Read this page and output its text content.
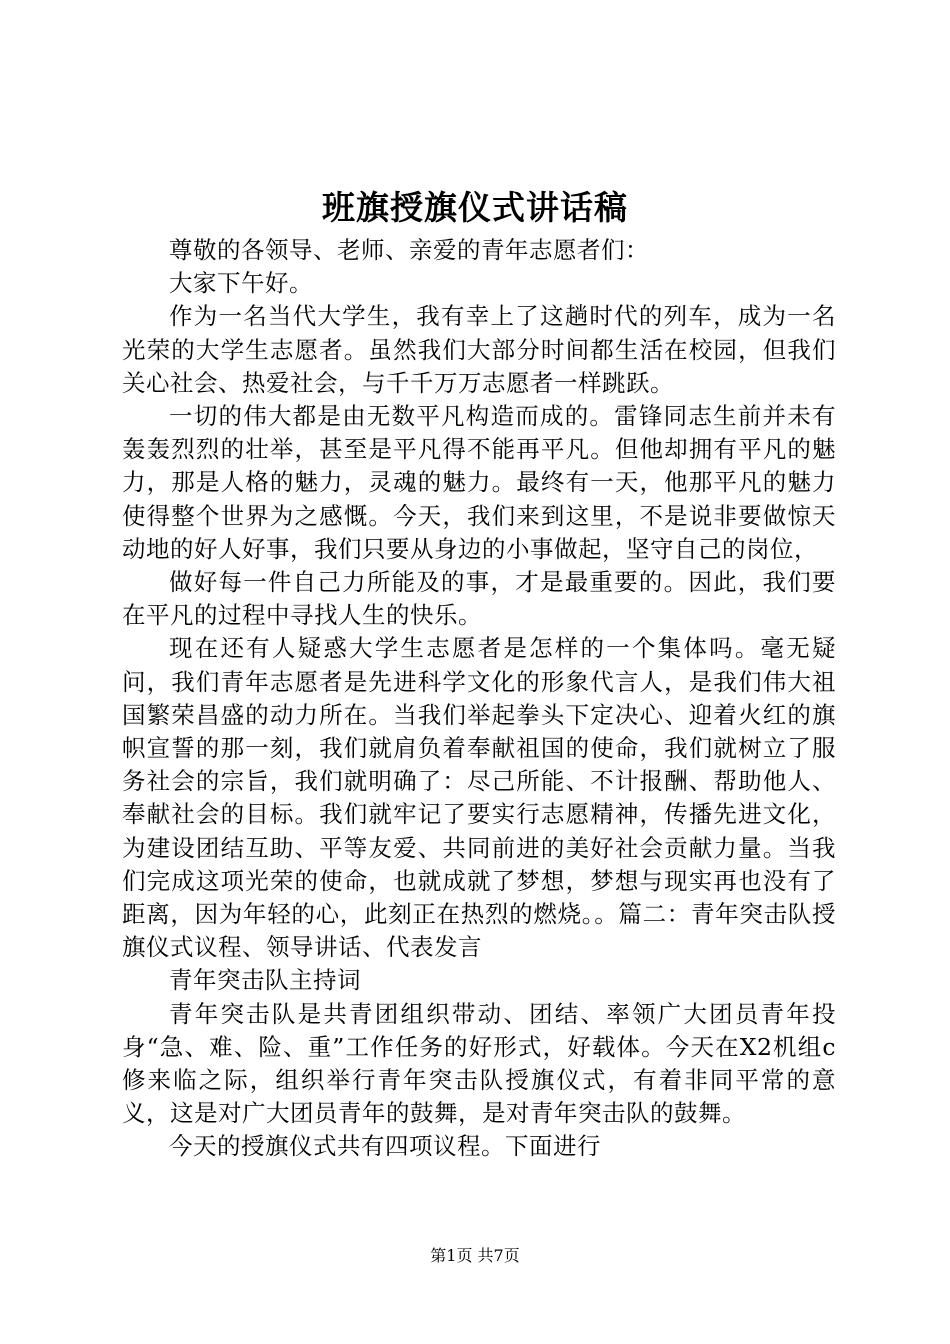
班旗授旗仪式讲话稿

尊敬的各领导、老师、亲爱的青年志愿者们：

大家下午好。

作为一名当代大学生，我有幸上了这趟时代的列车，成为一名光荣的大学生志愿者。虽然我们大部分时间都生活在校园，但我们关心社会、热爱社会，与千千万万志愿者一样跳跃。

一切的伟大都是由无数平凡构造而成的。雷锋同志生前并未有轰轰烈烈的壮举，甚至是平凡得不能再平凡。但他却拥有平凡的魅力，那是人格的魅力，灵魂的魅力。最终有一天，他那平凡的魅力使得整个世界为之感慨。今天，我们来到这里，不是说非要做惊天动地的好人好事，我们只要从身边的小事做起，坚守自己的岗位，

做好每一件自己力所能及的事，才是最重要的。因此，我们要在平凡的过程中寻找人生的快乐。

现在还有人疑惑大学生志愿者是怎样的一个集体吗。毫无疑问，我们青年志愿者是先进科学文化的形象代言人，是我们伟大祖国繁荣昌盛的动力所在。当我们举起拳头下定决心、迎着火红的旗帜宣誓的那一刻，我们就肩负着奉献祖国的使命，我们就树立了服务社会的宗旨，我们就明确了：尽己所能、不计报酬、帮助他人、奉献社会的目标。我们就牢记了要实行志愿精神，传播先进文化，为建设团结互助、平等友爱、共同前进的美好社会贡献力量。当我们完成这项光荣的使命，也就成就了梦想，梦想与现实再也没有了距离，因为年轻的心，此刻正在热烈的燃烧。。篇二：青年突击队授旗仪式议程、领导讲话、代表发言

青年突击队主持词

青年突击队是共青团组织带动、团结、率领广大团员青年投身“急、难、险、重”工作任务的好形式，好载体。今天在X2机组c修来临之际，组织举行青年突击队授旗仪式，有着非同平常的意义，这是对广大团员青年的鼓舞，是对青年突击队的鼓舞。

今天的授旗仪式共有四项议程。下面进行

第1页 共7页
